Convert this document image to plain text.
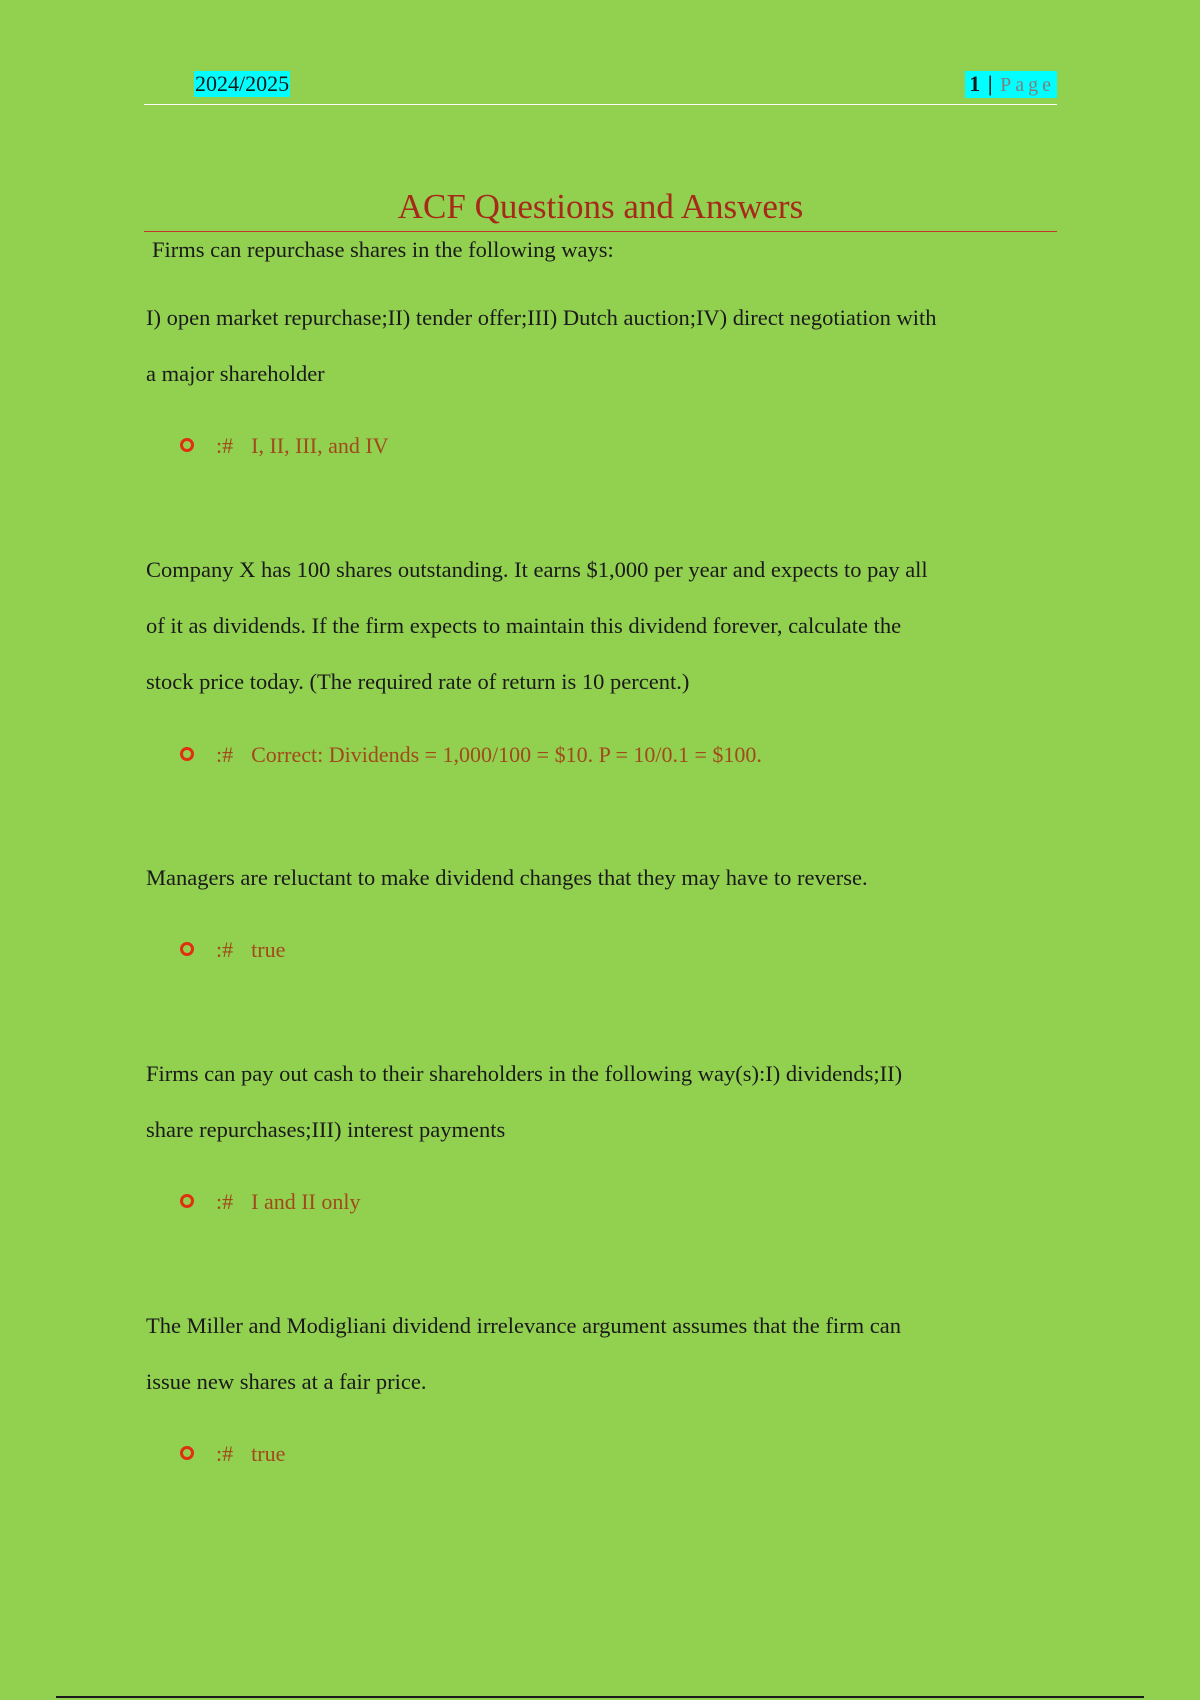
2024/2025	1 | Page
ACF Questions and Answers
Firms can repurchase shares in the following ways:
I) open market repurchase;II) tender offer;III) Dutch auction;IV) direct negotiation with
a major shareholder
:# I, II, III, and IV
Company X has 100 shares outstanding. It earns $1,000 per year and expects to pay all
of it as dividends. If the firm expects to maintain this dividend forever, calculate the
stock price today. (The required rate of return is 10 percent.)
:# Correct: Dividends = 1,000/100 = $10. P = 10/0.1 = $100.
Managers are reluctant to make dividend changes that they may have to reverse.
:# true
Firms can pay out cash to their shareholders in the following way(s):I) dividends;II)
share repurchases;III) interest payments
:# I and II only
The Miller and Modigliani dividend irrelevance argument assumes that the firm can
issue new shares at a fair price.
:# true
